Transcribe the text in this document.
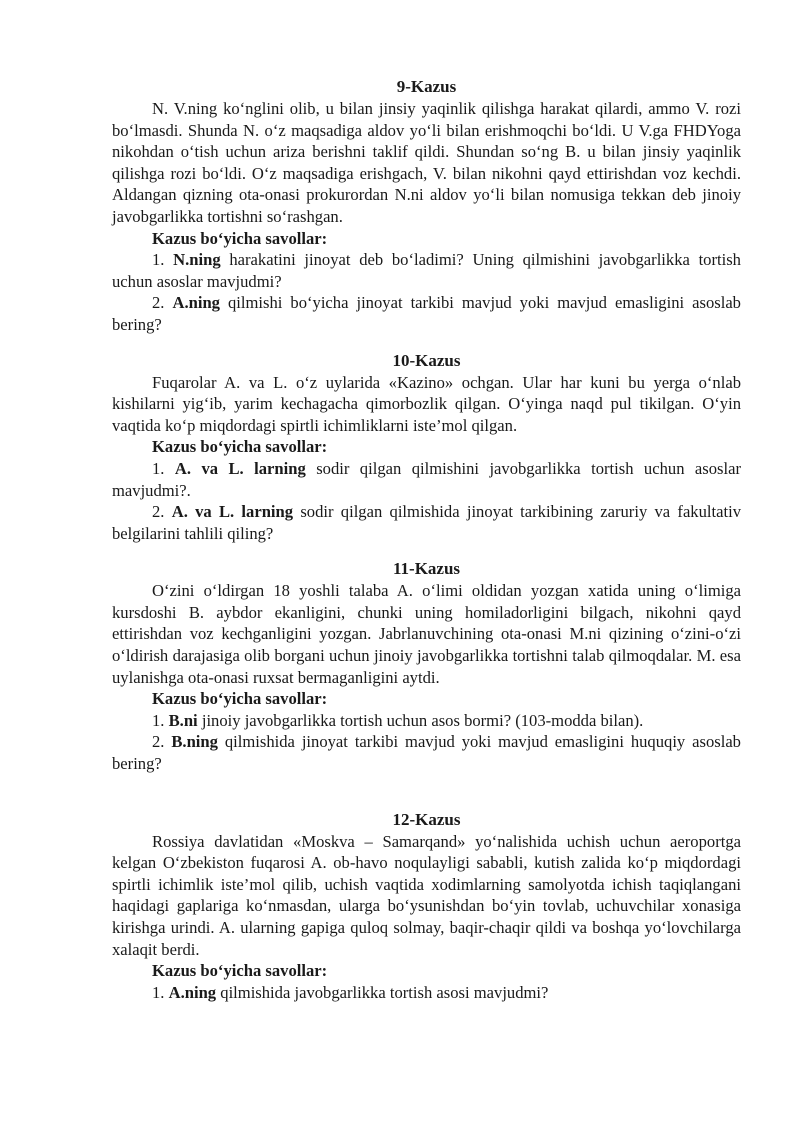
9-Kazus

N. V.ning ko‘nglini olib, u bilan jinsiy yaqinlik qilishga harakat qilardi, ammo V. rozi bo‘lmasdi. Shunda N. o‘z maqsadiga aldov yo‘li bilan erishmoqchi bo‘ldi. U V.ga FHDYoga nikohdan o‘tish uchun ariza berishni taklif qildi. Shundan so‘ng B. u bilan jinsiy yaqinlik qilishga rozi bo‘ldi. O‘z maqsadiga erishgach, V. bilan nikohni qayd ettirishdan voz kechdi. Aldangan qizning ota-onasi prokurordan N.ni aldov yo‘li bilan nomusiga tekkan deb jinoiy javobgarlikka tortishni so‘rashgan.

Kazus bo‘yicha savollar:

1. N.ning harakatini jinoyat deb bo‘ladimi? Uning qilmishini javobgarlikka tortish uchun asoslar mavjudmi?

2. A.ning qilmishi bo‘yicha jinoyat tarkibi mavjud yoki mavjud emasligini asoslab bering?

10-Kazus

Fuqarolar A. va L. o‘z uylarida «Kazino» ochgan. Ular har kuni bu yerga o‘nlab kishilarni yig‘ib, yarim kechagacha qimorbozlik qilgan. O‘yinga naqd pul tikilgan. O‘yin vaqtida ko‘p miqdordagi spirtli ichimliklarni iste’mol qilgan.

Kazus bo‘yicha savollar:

1. A. va L. larning sodir qilgan qilmishini javobgarlikka tortish uchun asoslar mavjudmi?.

2. A. va L. larning sodir qilgan qilmishida jinoyat tarkibining zaruriy va fakultativ belgilarini tahlili qiling?

11-Kazus

O‘zini o‘ldirgan 18 yoshli talaba A. o‘limi oldidan yozgan xatida uning o‘limiga kursdoshi B. aybdor ekanligini, chunki uning homiladorligini bilgach, nikohni qayd ettirishdan voz kechganligini yozgan. Jabrlanuvchining ota-onasi M.ni qizining o‘zini-o‘zi o‘ldirish darajasiga olib borgani uchun jinoiy javobgarlikka tortishni talab qilmoqdalar. M. esa uylanishga ota-onasi ruxsat bermaganligini aytdi.

Kazus bo‘yicha savollar:

1. B.ni jinoiy javobgarlikka tortish uchun asos bormi? (103-modda bilan).

2. B.ning qilmishida jinoyat tarkibi mavjud yoki mavjud emasligini huquqiy asoslab bering?

12-Kazus

Rossiya davlatidan «Moskva – Samarqand» yo‘nalishida uchish uchun aeroportga kelgan O‘zbekiston fuqarosi A. ob-havo noqulayligi sababli, kutish zalida ko‘p miqdordagi spirtli ichimlik iste’mol qilib, uchish vaqtida xodimlarning samolyotda ichish taqiqlangani haqidagi gaplariga ko‘nmasdan, ularga bo‘ysunishdan bo‘yin tovlab, uchuvchilar xonasiga kirishga urindi. A. ularning gapiga quloq solmay, baqir-chaqir qildi va boshqa yo‘lovchilarga xalaqit berdi.

Kazus bo‘yicha savollar:

1. A.ning qilmishida javobgarlikka tortish asosi mavjudmi?
